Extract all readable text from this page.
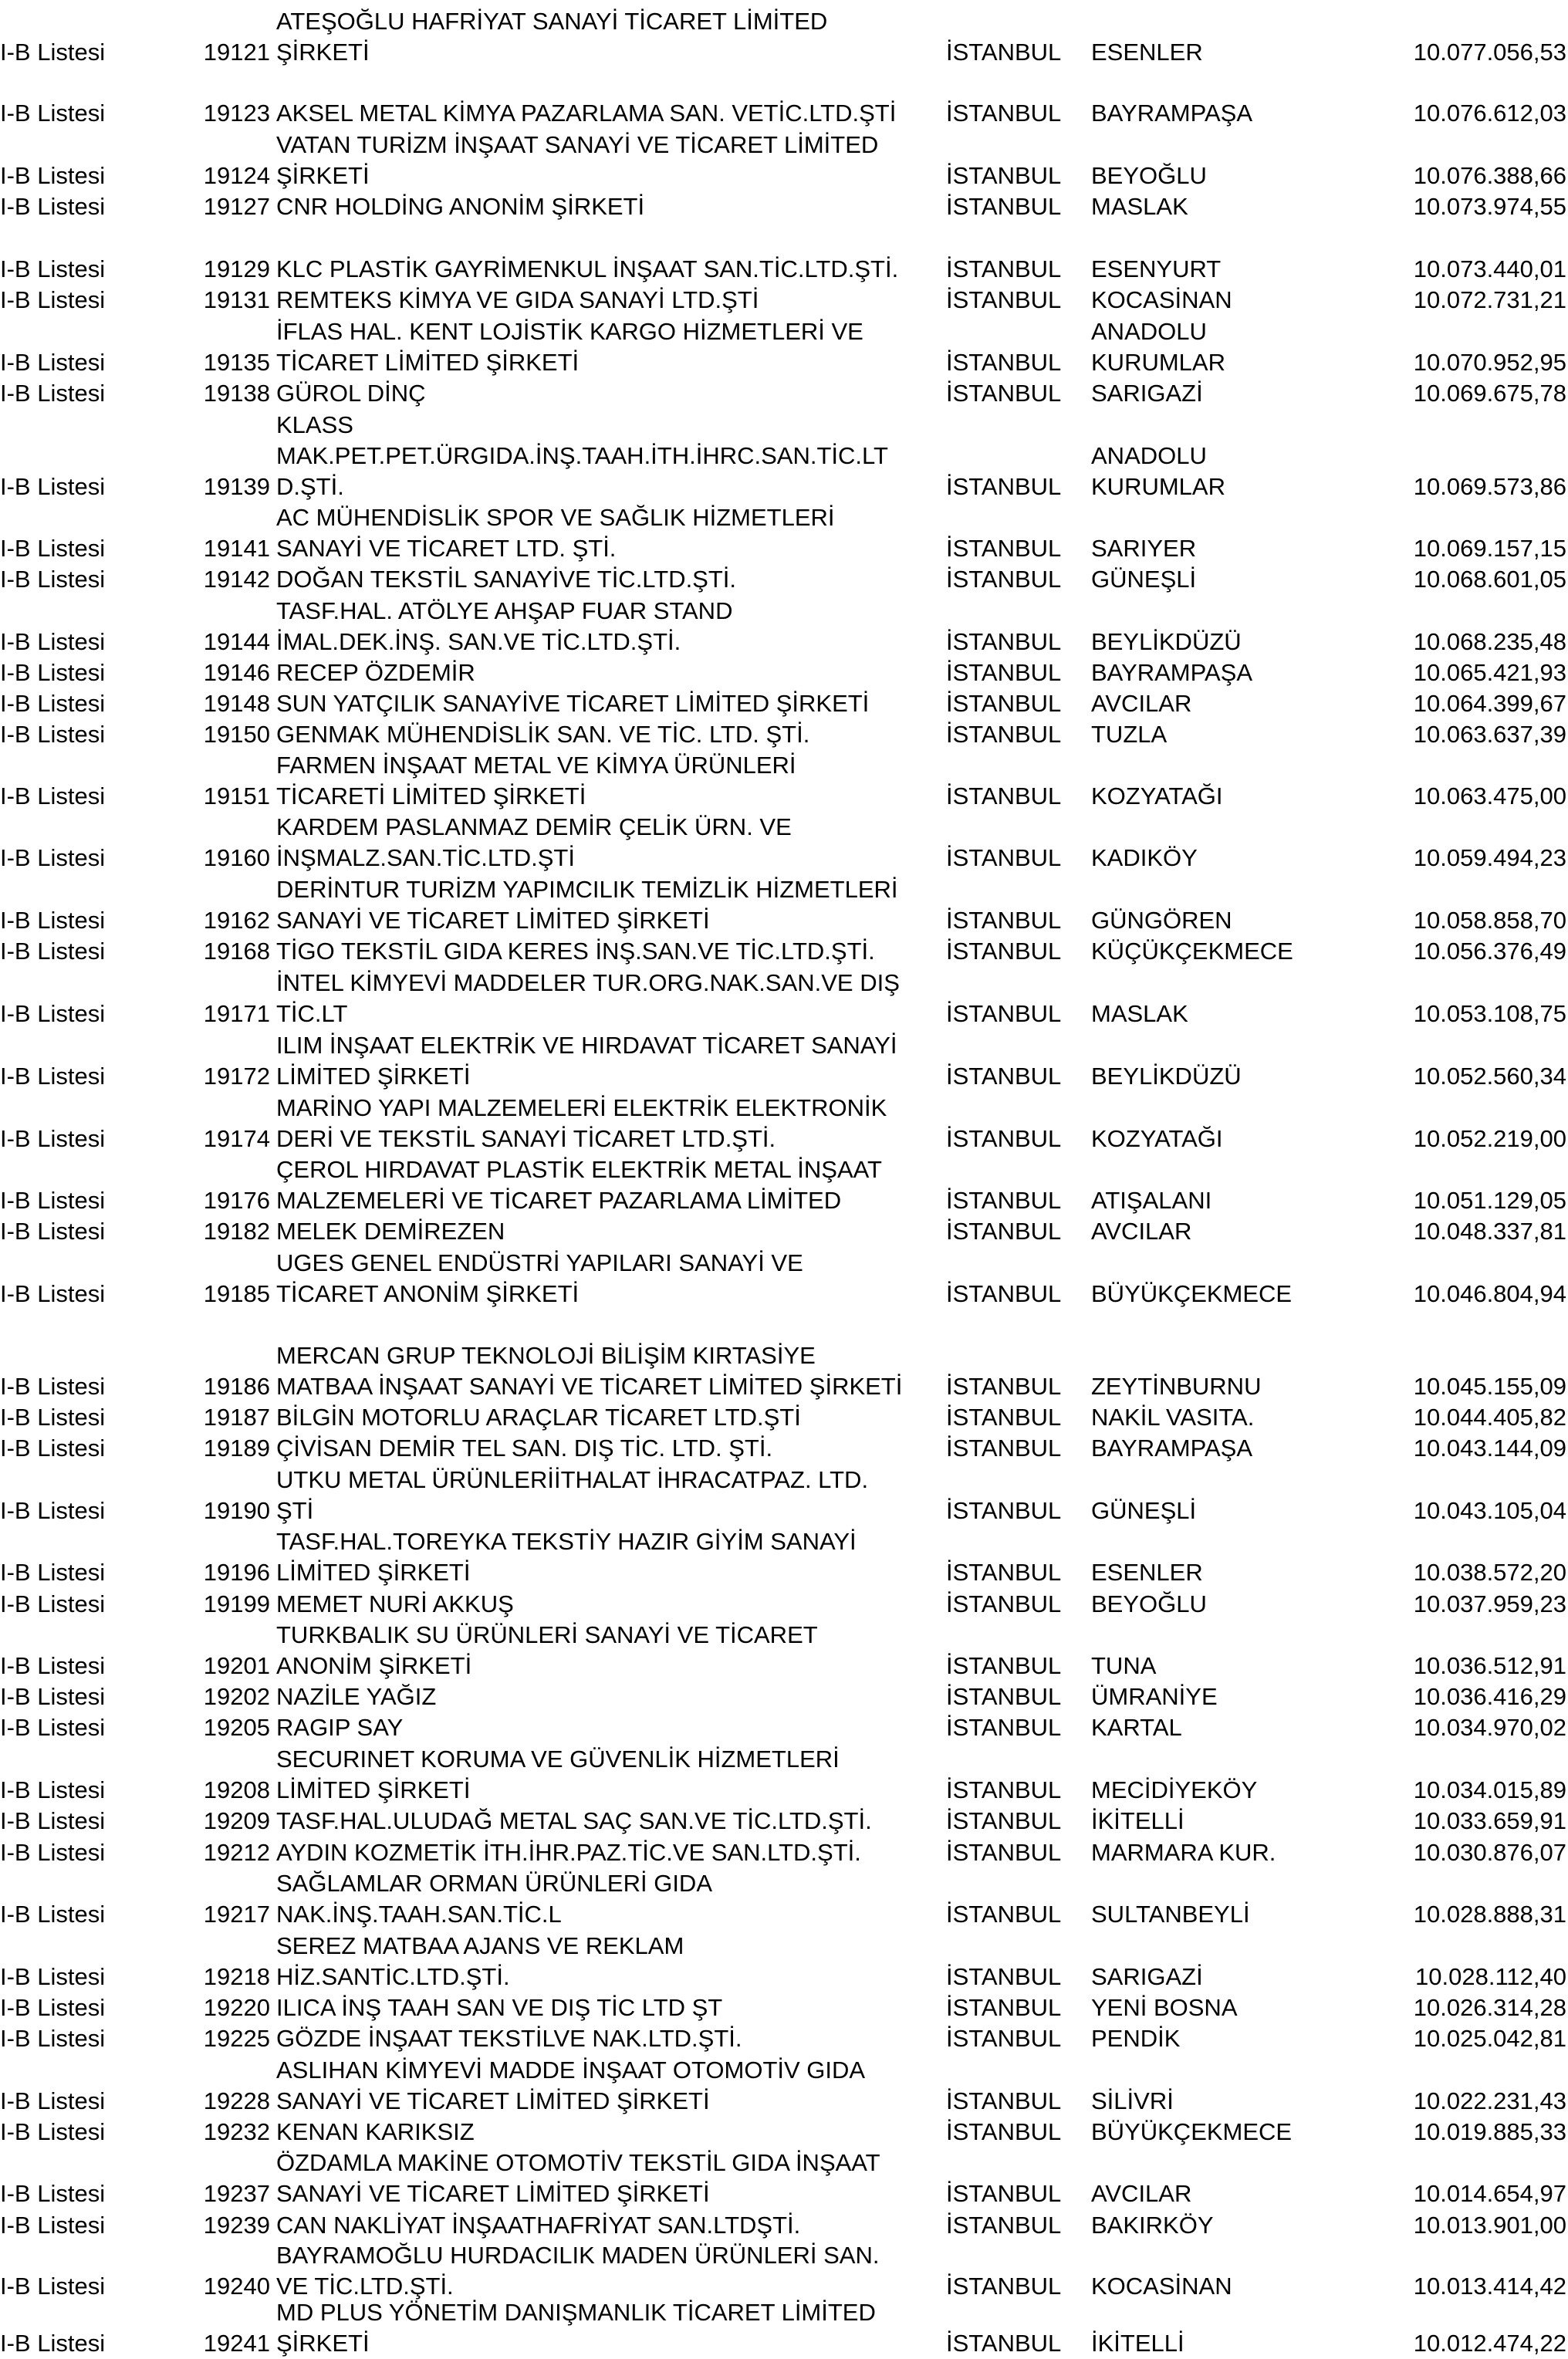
I-B Listesi	19121
ATEŞOĞLU HAFRİYAT SANAYİ TİCARET LİMİTED
ŞİRKETİ	İSTANBUL ESENLER	10.077.056,53
I-B Listesi	19123 AKSEL METAL KİMYA PAZARLAMA SAN. VETİC.LTD.ŞTİ İSTANBUL BAYRAMPAŞA	10.076.612,03
I-B Listesi	19124
VATAN TURİZM İNŞAAT SANAYİ VE TİCARET LİMİTED
ŞİRKETİ	İSTANBUL BEYOĞLU	10.076.388,66
I-B Listesi	19127 CNR HOLDİNG ANONİM ŞİRKETİ	İSTANBUL MASLAK	10.073.974,55
I-B Listesi	19129 KLC PLASTİK GAYRİMENKUL İNŞAAT SAN.TİC.LTD.ŞTİ. İSTANBUL ESENYURT	10.073.440,01
I-B Listesi	19131 REMTEKS KİMYA VE GIDA SANAYİ LTD.ŞTİ	İSTANBUL KOCASİNAN	10.072.731,21
I-B Listesi	19135
İFLAS HAL. KENT LOJİSTİK KARGO HİZMETLERİ VE
TİCARET LİMİTED ŞİRKETİ	İSTANBUL
ANADOLU
KURUMLAR	10.070.952,95
I-B Listesi	19138 GÜROL DİNÇ	İSTANBUL SARIGAZİ	10.069.675,78
I-B Listesi	19139
KLASS
MAK.PET.PET.ÜRGIDA.İNŞ.TAAH.İTH.İHRC.SAN.TİC.LT
D.ŞTİ.	İSTANBUL
ANADOLU
KURUMLAR	10.069.573,86
I-B Listesi	19141
AC MÜHENDİSLİK SPOR VE SAĞLIK HİZMETLERİ
SANAYİ VE TİCARET LTD. ŞTİ.	İSTANBUL SARIYER	10.069.157,15
I-B Listesi	19142 DOĞAN TEKSTİL SANAYİVE TİC.LTD.ŞTİ.	İSTANBUL GÜNEŞLİ	10.068.601,05
I-B Listesi	19144
TASF.HAL. ATÖLYE AHŞAP FUAR STAND
İMAL.DEK.İNŞ. SAN.VE TİC.LTD.ŞTİ.	İSTANBUL BEYLİKDÜZÜ	10.068.235,48
I-B Listesi	19146 RECEP ÖZDEMİR	İSTANBUL BAYRAMPAŞA	10.065.421,93
I-B Listesi	19148 SUN YATÇILIK SANAYİVE TİCARET LİMİTED ŞİRKETİ	İSTANBUL AVCILAR	10.064.399,67
I-B Listesi	19150 GENMAK MÜHENDİSLİK SAN. VE TİC. LTD. ŞTİ.	İSTANBUL TUZLA	10.063.637,39
I-B Listesi	19151
FARMEN İNŞAAT METAL VE KİMYA ÜRÜNLERİ
TİCARETİ LİMİTED ŞİRKETİ	İSTANBUL KOZYATAĞI	10.063.475,00
I-B Listesi	19160
KARDEM PASLANMAZ DEMİR ÇELİK ÜRN. VE
İNŞMALZ.SAN.TİC.LTD.ŞTİ	İSTANBUL KADIKÖY	10.059.494,23
I-B Listesi	19162
DERİNTUR TURİZM YAPIMCILIK TEMİZLİK HİZMETLERİ
SANAYİ VE TİCARET LİMİTED ŞİRKETİ	İSTANBUL GÜNGÖREN	10.058.858,70
I-B Listesi	19168 TİGO TEKSTİL GIDA KERES İNŞ.SAN.VE TİC.LTD.ŞTİ.	İSTANBUL KÜÇÜKÇEKMECE	10.056.376,49
I-B Listesi	19171
İNTEL KİMYEVİ MADDELER TUR.ORG.NAK.SAN.VE DIŞ
TİC.LT	İSTANBUL MASLAK	10.053.108,75
I-B Listesi	19172
ILIM İNŞAAT ELEKTRİK VE HIRDAVAT TİCARET SANAYİ
LİMİTED ŞİRKETİ	İSTANBUL BEYLİKDÜZÜ	10.052.560,34
I-B Listesi	19174
MARİNO YAPI MALZEMELERİ ELEKTRİK ELEKTRONİK
DERİ VE TEKSTİL SANAYİ TİCARET LTD.ŞTİ.	İSTANBUL KOZYATAĞI	10.052.219,00
I-B Listesi	19176
ÇEROL HIRDAVAT PLASTİK ELEKTRİK METAL İNŞAAT
MALZEMELERİ VE TİCARET PAZARLAMA LİMİTED	İSTANBUL ATIŞALANI	10.051.129,05
I-B Listesi	19182 MELEK DEMİREZEN	İSTANBUL AVCILAR	10.048.337,81
I-B Listesi	19185
UGES GENEL ENDÜSTRİ YAPILARI SANAYİ VE
TİCARET ANONİM ŞİRKETİ	İSTANBUL BÜYÜKÇEKMECE	10.046.804,94
I-B Listesi	19186
MERCAN GRUP TEKNOLOJİ BİLİŞİM KIRTASİYE
MATBAA İNŞAAT SANAYİ VE TİCARET LİMİTED ŞİRKETİ İSTANBUL ZEYTİNBURNU	10.045.155,09
I-B Listesi	19187 BİLGİN MOTORLU ARAÇLAR TİCARET LTD.ŞTİ	İSTANBUL NAKİL VASITA.	10.044.405,82
I-B Listesi	19189 ÇİVİSAN DEMİR TEL SAN. DIŞ TİC. LTD. ŞTİ.	İSTANBUL BAYRAMPAŞA	10.043.144,09
I-B Listesi	19190
UTKU METAL ÜRÜNLERİİTHALAT İHRACATPAZ. LTD.
ŞTİ	İSTANBUL GÜNEŞLİ	10.043.105,04
I-B Listesi	19196
TASF.HAL.TOREYKA TEKSTİY HAZIR GİYİM SANAYİ
LİMİTED ŞİRKETİ	İSTANBUL ESENLER	10.038.572,20
I-B Listesi	19199 MEMET NURİ AKKUŞ	İSTANBUL BEYOĞLU	10.037.959,23
I-B Listesi	19201
TURKBALIK SU ÜRÜNLERİ SANAYİ VE TİCARET
ANONİM ŞİRKETİ	İSTANBUL TUNA	10.036.512,91
I-B Listesi	19202 NAZİLE YAĞIZ	İSTANBUL ÜMRANİYE	10.036.416,29
I-B Listesi	19205 RAGIP SAY	İSTANBUL KARTAL	10.034.970,02
I-B Listesi	19208
SECURINET KORUMA VE GÜVENLİK HİZMETLERİ
LİMİTED ŞİRKETİ	İSTANBUL MECİDİYEKÖY	10.034.015,89
I-B Listesi	19209 TASF.HAL.ULUDAĞ METAL SAÇ SAN.VE TİC.LTD.ŞTİ.	İSTANBUL İKİTELLİ	10.033.659,91
I-B Listesi	19212 AYDIN KOZMETİK İTH.İHR.PAZ.TİC.VE SAN.LTD.ŞTİ.	İSTANBUL MARMARA KUR.	10.030.876,07
I-B Listesi	19217
SAĞLAMLAR ORMAN ÜRÜNLERİ GIDA
NAK.İNŞ.TAAH.SAN.TİC.L	İSTANBUL SULTANBEYLİ	10.028.888,31
I-B Listesi	19218
SEREZ MATBAA AJANS VE REKLAM
HİZ.SANTİC.LTD.ŞTİ.	İSTANBUL SARIGAZİ	10.028.112,40
I-B Listesi	19220 ILICA İNŞ TAAH SAN VE DIŞ TİC LTD ŞT	İSTANBUL YENİ BOSNA	10.026.314,28
I-B Listesi	19225 GÖZDE İNŞAAT TEKSTİLVE NAK.LTD.ŞTİ.	İSTANBUL PENDİK	10.025.042,81
I-B Listesi	19228
ASLIHAN KİMYEVİ MADDE İNŞAAT OTOMOTİV GIDA
SANAYİ VE TİCARET LİMİTED ŞİRKETİ	İSTANBUL SİLİVRİ	10.022.231,43
I-B Listesi	19232 KENAN KARIKSIZ	İSTANBUL BÜYÜKÇEKMECE	10.019.885,33
I-B Listesi	19237
ÖZDAMLA MAKİNE OTOMOTİV TEKSTİL GIDA İNŞAAT
SANAYİ VE TİCARET LİMİTED ŞİRKETİ	İSTANBUL AVCILAR	10.014.654,97
I-B Listesi	19239 CAN NAKLİYAT İNŞAATHAFRİYAT SAN.LTDŞTİ.	İSTANBUL BAKIRKÖY	10.013.901,00
I-B Listesi	19240
BAYRAMOĞLU HURDACILIK MADEN ÜRÜNLERİ SAN.
VE TİC.LTD.ŞTİ.	İSTANBUL KOCASİNAN	10.013.414,42
I-B Listesi	19241
MD PLUS YÖNETİM DANIŞMANLIK TİCARET LİMİTED
ŞİRKETİ	İSTANBUL İKİTELLİ	10.012.474,22
